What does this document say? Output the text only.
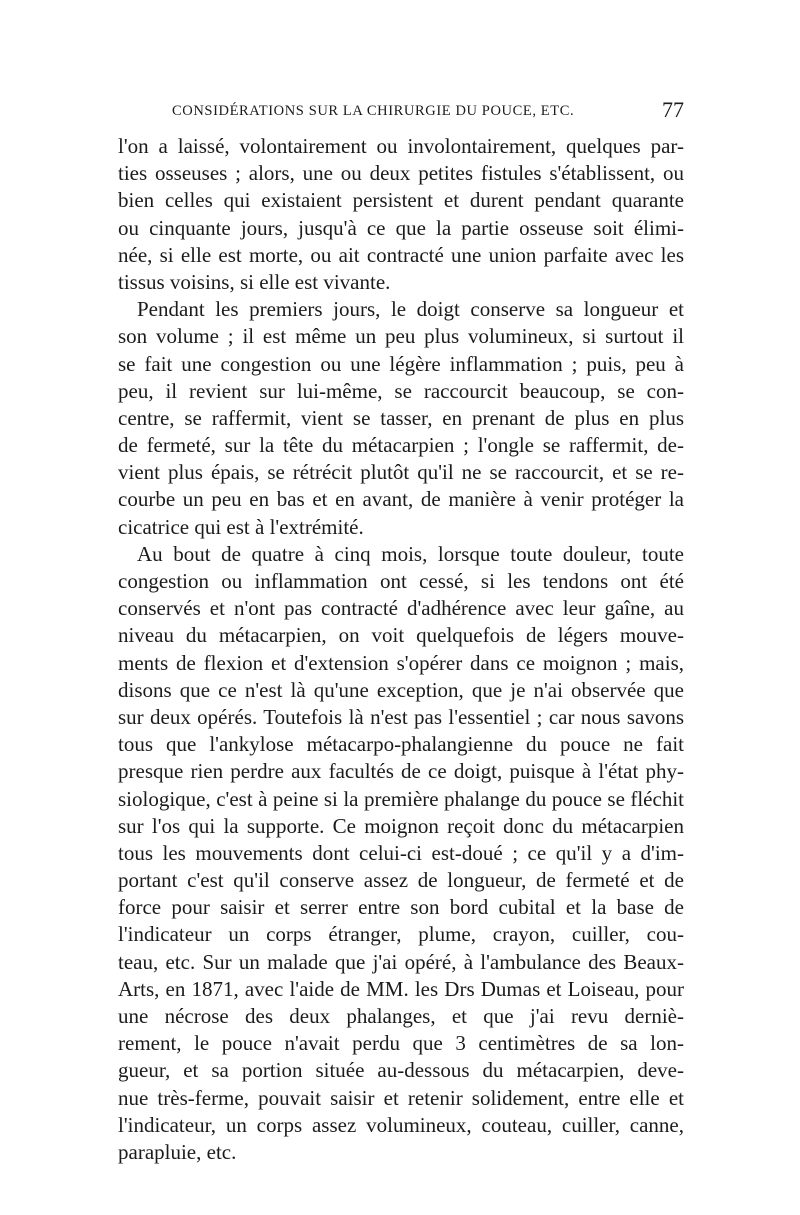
CONSIDÉRATIONS SUR LA CHIRURGIE DU POUCE, ETC.	77
l'on a laissé, volontairement ou involontairement, quelques par-
ties osseuses ; alors, une ou deux petites fistules s'établissent, ou
bien celles qui existaient persistent et durent pendant quarante
ou cinquante jours, jusqu'à ce que la partie osseuse soit élimi-
née, si elle est morte, ou ait contracté une union parfaite avec les
tissus voisins, si elle est vivante.
Pendant les premiers jours, le doigt conserve sa longueur et
son volume ; il est même un peu plus volumineux, si surtout il
se fait une congestion ou une légère inflammation ; puis, peu à
peu, il revient sur lui-même, se raccourcit beaucoup, se con-
centre, se raffermit, vient se tasser, en prenant de plus en plus
de fermeté, sur la tête du métacarpien ; l'ongle se raffermit, de-
vient plus épais, se rétrécit plutôt qu'il ne se raccourcit, et se re-
courbe un peu en bas et en avant, de manière à venir protéger la
cicatrice qui est à l'extrémité.
Au bout de quatre à cinq mois, lorsque toute douleur, toute
congestion ou inflammation ont cessé, si les tendons ont été
conservés et n'ont pas contracté d'adhérence avec leur gaîne, au
niveau du métacarpien, on voit quelquefois de légers mouve-
ments de flexion et d'extension s'opérer dans ce moignon ; mais,
disons que ce n'est là qu'une exception, que je n'ai observée que
sur deux opérés. Toutefois là n'est pas l'essentiel ; car nous savons
tous que l'ankylose métacarpo-phalangienne du pouce ne fait
presque rien perdre aux facultés de ce doigt, puisque à l'état phy-
siologique, c'est à peine si la première phalange du pouce se fléchit
sur l'os qui la supporte. Ce moignon reçoit donc du métacarpien
tous les mouvements dont celui-ci est-doué ; ce qu'il y a d'im-
portant c'est qu'il conserve assez de longueur, de fermeté et de
force pour saisir et serrer entre son bord cubital et la base de
l'indicateur un corps étranger, plume, crayon, cuiller, cou-
teau, etc. Sur un malade que j'ai opéré, à l'ambulance des Beaux-
Arts, en 1871, avec l'aide de MM. les Drs Dumas et Loiseau, pour
une nécrose des deux phalanges, et que j'ai revu derniè-
rement, le pouce n'avait perdu que 3 centimètres de sa lon-
gueur, et sa portion située au-dessous du métacarpien, deve-
nue très-ferme, pouvait saisir et retenir solidement, entre elle et
l'indicateur, un corps assez volumineux, couteau, cuiller, canne,
parapluie, etc.
